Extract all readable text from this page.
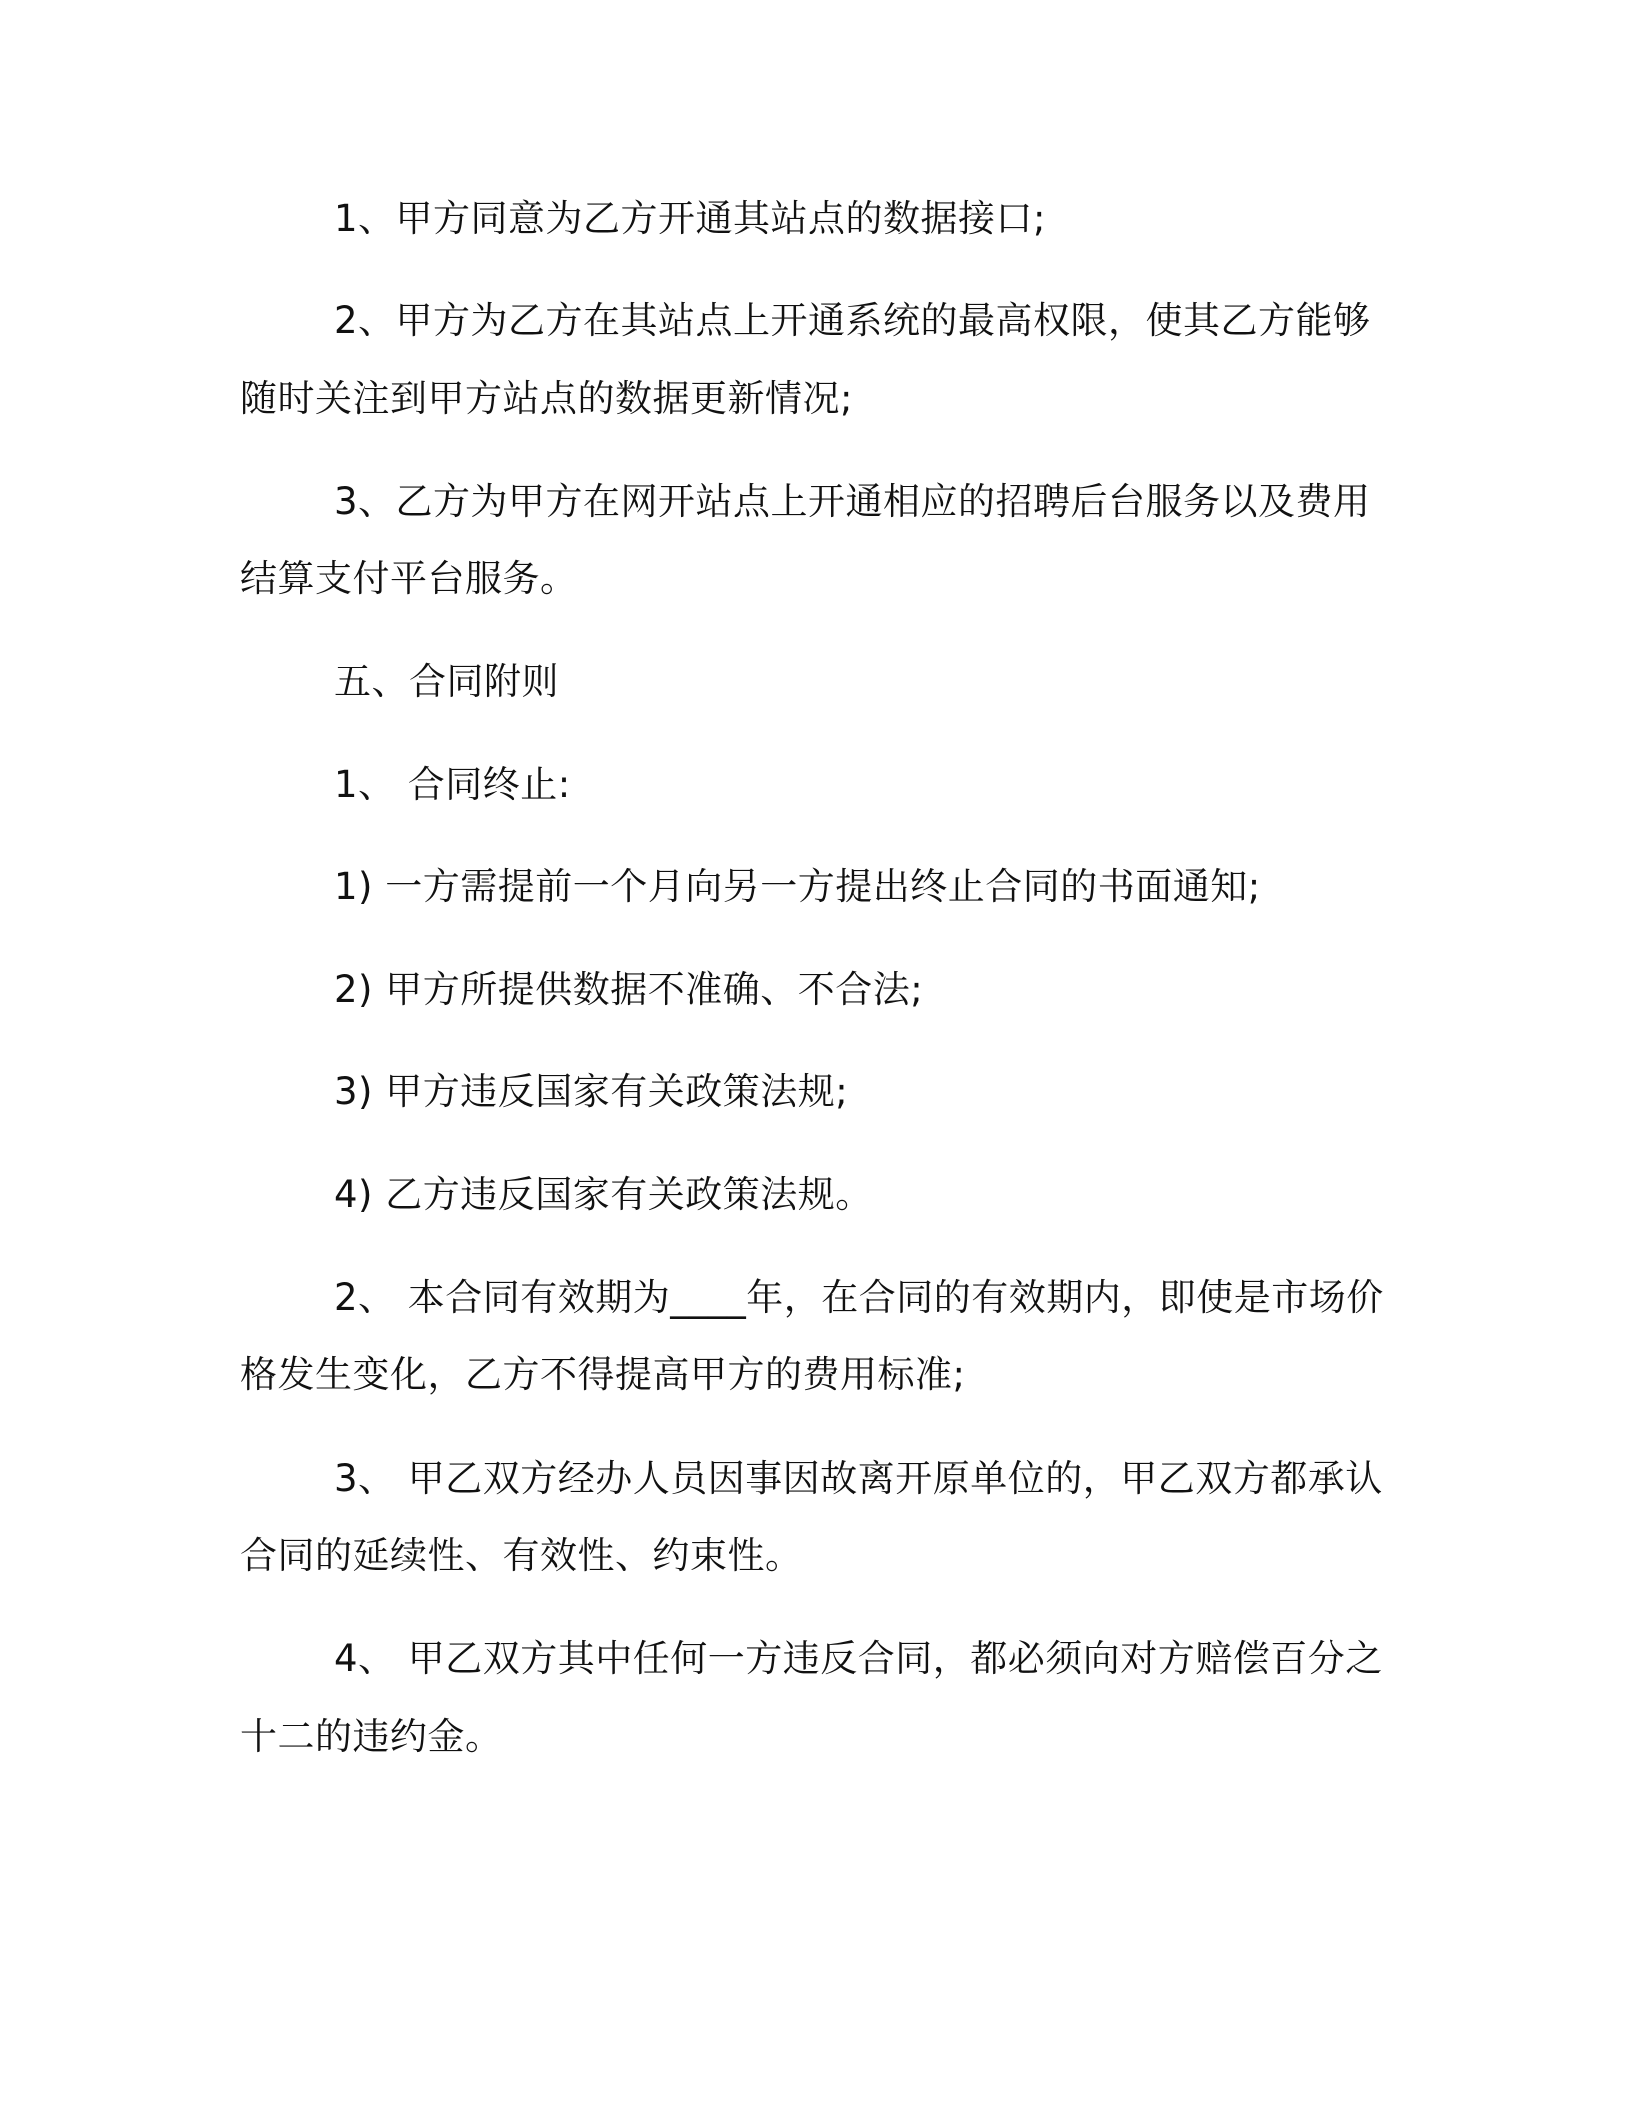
1、甲方同意为乙方开通其站点的数据接口;

2、甲方为乙方在其站点上开通系统的最高权限，使其乙方能够

随时关注到甲方站点的数据更新情况;

3、乙方为甲方在网开站点上开通相应的招聘后台服务以及费用

结算支付平台服务。

五、合同附则

1、 合同终止:

1) 一方需提前一个月向另一方提出终止合同的书面通知;

2) 甲方所提供数据不准确、不合法;

3) 甲方违反国家有关政策法规;

4) 乙方违反国家有关政策法规。

2、 本合同有效期为____年，在合同的有效期内，即使是市场价

格发生变化，乙方不得提高甲方的费用标准;

3、 甲乙双方经办人员因事因故离开原单位的，甲乙双方都承认

合同的延续性、有效性、约束性。

4、 甲乙双方其中任何一方违反合同，都必须向对方赔偿百分之

十二的违约金。
